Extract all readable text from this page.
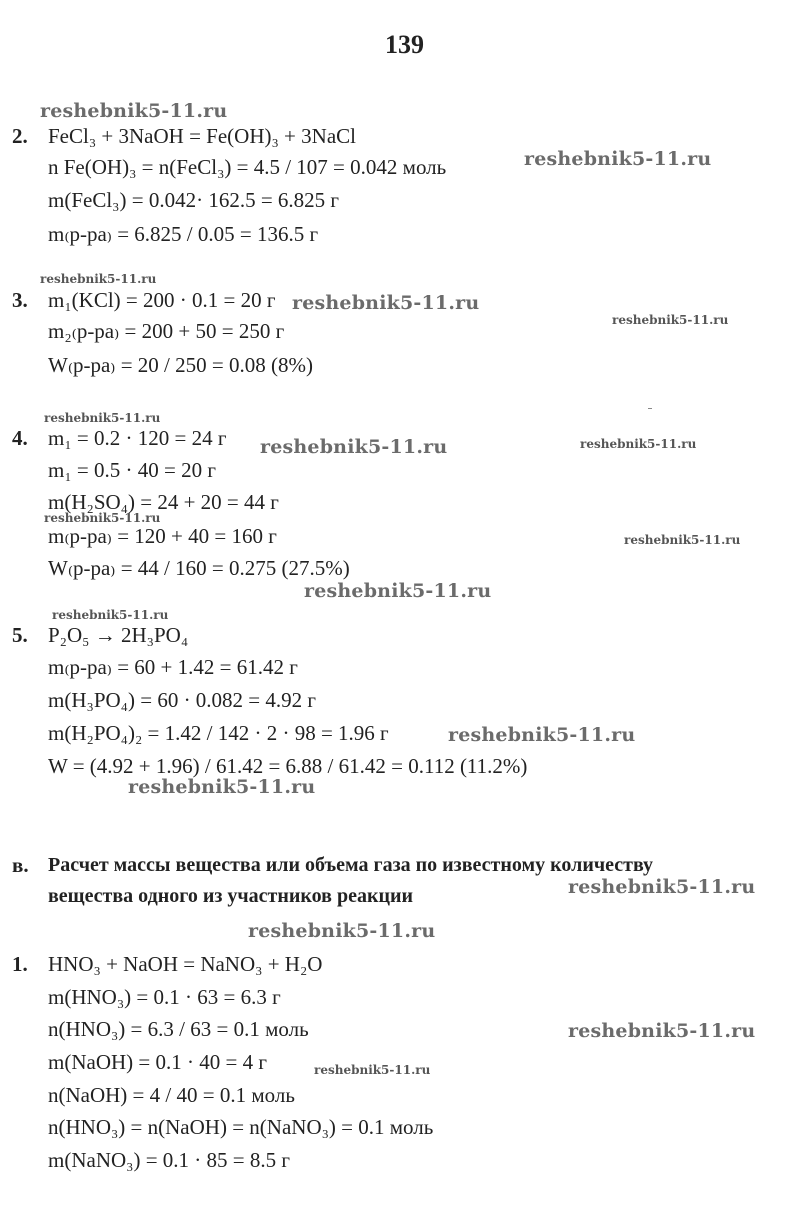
139
2. FeCl₃ + 3NaOH = Fe(OH)₃ + 3NaCl
n Fe(OH)₃ = n(FeCl₃) = 4.5 / 107 = 0.042 моль
m(FeCl₃) = 0.042· 162.5 = 6.825 г
m₍р-ра₎ = 6.825 / 0.05 = 136.5 г
3. m₁(KCl) = 200 · 0.1 = 20 г
m₂₍р-ра₎ = 200 + 50 = 250 г
W₍р-ра₎ = 20 / 250 = 0.08 (8%)
4. m₁ = 0.2 · 120 = 24 г
m₁ = 0.5 · 40 = 20 г
m(H₂SO₄) = 24 + 20 = 44 г
m₍р-ра₎ = 120 + 40 = 160 г
W₍р-ра₎ = 44 / 160 = 0.275 (27.5%)
5. P₂O₅ → 2H₃PO₄
m₍р-ра₎ = 60 + 1.42 = 61.42 г
m(H₃PO₄) = 60 · 0.082 = 4.92 г
m(H₂PO₄)₂ = 1.42 / 142 · 2 · 98 = 1.96 г
W = (4.92 + 1.96) / 61.42 = 6.88 / 61.42 = 0.112 (11.2%)
в. Расчет массы вещества или объема газа по известному количеству
вещества одного из участников реакции
1. HNO₃ + NaOH = NaNO₃ + H₂O
m(HNO₃) = 0.1 · 63 = 6.3 г
n(HNO₃) = 6.3 / 63 = 0.1 моль
m(NaOH) = 0.1 · 40 = 4 г
n(NaOH) = 4 / 40 = 0.1 моль
n(HNO₃) = n(NaOH) = n(NaNO₃) = 0.1 моль
m(NaNO₃) = 0.1 · 85 = 8.5 г
reshebnik5-11.ru
reshebnik5-11.ru
reshebnik5-11.ru
reshebnik5-11.ru
reshebnik5-11.ru
reshebnik5-11.ru
reshebnik5-11.ru	reshebnik5-11.ru
reshebnik5-11.ru
reshebnik5-11.ru
reshebnik5-11.ru
reshebnik5-11.ru
reshebnik5-11.ru
reshebnik5-11.ru
reshebnik5-11.ru
reshebnik5-11.ru
reshebnik5-11.ru
reshebnik5-11.ru
